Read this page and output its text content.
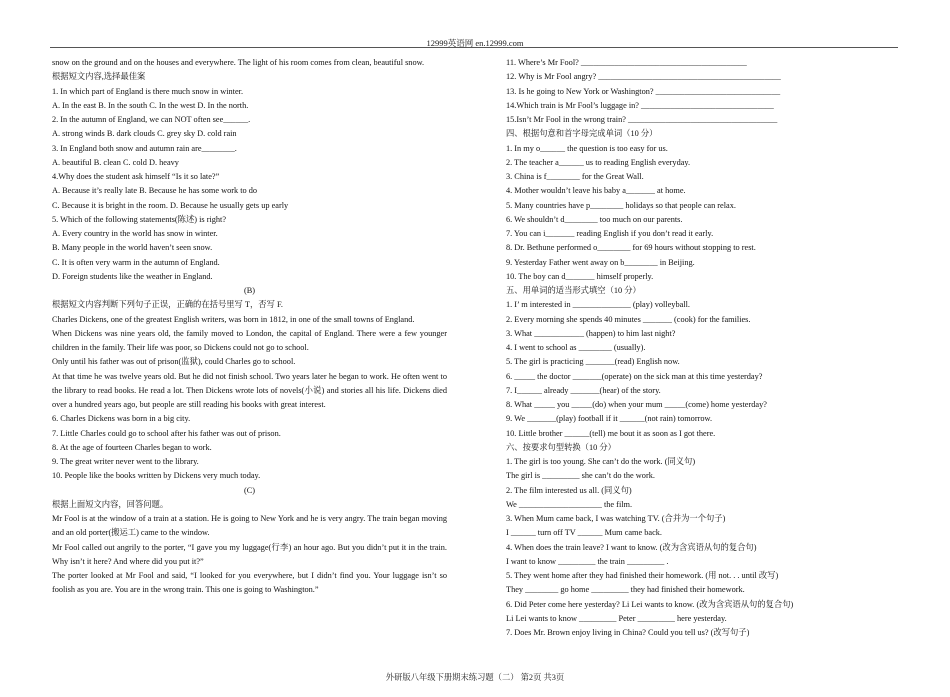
12999英语网 en.12999.com
snow on the ground and on the houses and everywhere. The light of his room comes from clean, beautiful snow.
根据短文内容,选择最佳案
1. In which part of England is there much snow in winter.
A. In the east B. In the south C. In the west D. In the north.
2. In the autumn of England, we can NOT often see______.
A. strong winds B. dark clouds C. grey sky D. cold rain
3. In England both snow and autumn rain are________.
A. beautiful B. clean C. cold D. heavy
4.Why does the student ask himself “Is it so late?”
A. Because it’s really late B. Because he has some work to do
C. Because it is bright in the room. D. Because he usually gets up early
5. Which of the following statements(陈述) is right?
A. Every country in the world has snow in winter.
B. Many people in the world haven’t seen snow.
C. It is often very warm in the autumn of England.
D. Foreign students like the weather in England.
(B)
根据短文内容判断下列句子正误，正确的在括号里写 T，否写 F.
Charles Dickens, one of the greatest English writers, was born in 1812, in one of the small towns of England.
When Dickens was nine years old, the family moved to London, the capital of England. There were a few younger children in the family. Their life was poor, so Dickens could not go to school.
Only until his father was out of prison(监狱), could Charles go to school.
At that time he was twelve years old. But he did not finish school. Two years later he began to work. He often went to the library to read books. He read a lot. Then Dickens wrote lots of novels(小说) and stories all his life. Dickens died over a hundred years ago, but people are still reading his books with great interest.
6. Charles Dickens was born in a big city.
7. Little Charles could go to school after his father was out of prison.
8. At the age of fourteen Charles began to work.
9. The great writer never went to the library.
10. People like the books written by Dickens very much today.
(C)
根据上面短文内容，回答问题。
Mr Fool is at the window of a train at a station. He is going to New York and he is very angry. The train began moving and an old porter(搬运工) came to the window.
Mr Fool called out angrily to the porter, “I gave you my luggage(行李) an hour ago. But you didn’t put it in the train. Why isn’t it here? And where did you put it?”
The porter looked at Mr Fool and said, “I looked for you everywhere, but I didn’t find you. Your luggage isn’t so foolish as you are. You are in the wrong train. This one is going to Washington.”
11. Where’s Mr Fool? ________________________________________
12. Why is Mr Fool angry? ____________________________________________
13. Is he going to New York or Washington? ______________________________
14.Which train is Mr Fool’s luggage in? ________________________________
15.Isn’t Mr Fool in the wrong train? ____________________________________
四、根据句意和首字母完成单词（10 分）
1. In my o______ the question is too easy for us.
2. The teacher a______ us to reading English everyday.
3. China is f________ for the Great Wall.
4. Mother wouldn’t leave his baby a_______ at home.
5. Many countries have p________ holidays so that people can relax.
6. We shouldn’t d________ too much on our parents.
7. You can i_______ reading English if you don’t read it early.
8. Dr. Bethune performed o________ for 69 hours without stopping to rest.
9. Yesterday Father went away on b________ in Beijing.
10. The boy can d_______ himself properly.
五、用单词的适当形式填空（10 分）
1. I’ m interested in ______________ (play) volleyball.
2. Every morning she spends 40 minutes _______ (cook) for the families.
3. What ____________ (happen) to him last night?
4. I went to school as ________ (usually).
5. The girl is practicing _______(read) English now.
6. _____ the doctor _______(operate) on the sick man at this time yesterday?
7. I______ already _______(hear) of the story.
8. What _____ you _____(do) when your mum _____(come) home yesterday?
9. We _______(play) football if it ______(not rain) tomorrow.
10. Little brother ______(tell) me bout it as soon as I got there.
六、按要求句型转换（10 分）
1. The girl is too young. She can’t do the work. (同义句)
The girl is _________ she can’t do the work.
2. The film interested us all. (同义句)
We ____________________ the film.
3. When Mum came back, I was watching TV. (合并为一个句子)
I ______ turn off TV ______ Mum came back.
4. When does the train leave? I want to know. (改为含宾语从句的复合句)
I want to know _________ the train _________ .
5. They went home after they had finished their homework. (用 not. . . until 改写)
They ________ go home _________ they had finished their homework.
6. Did Peter come here yesterday? Li Lei wants to know. (改为含宾语从句的复合句)
Li Lei wants to know _________ Peter _________ here yesterday.
7. Does Mr. Brown enjoy living in China? Could you tell us? (改写句子)
外研版八年级下册期末练习题（二） 第2页 共3页
